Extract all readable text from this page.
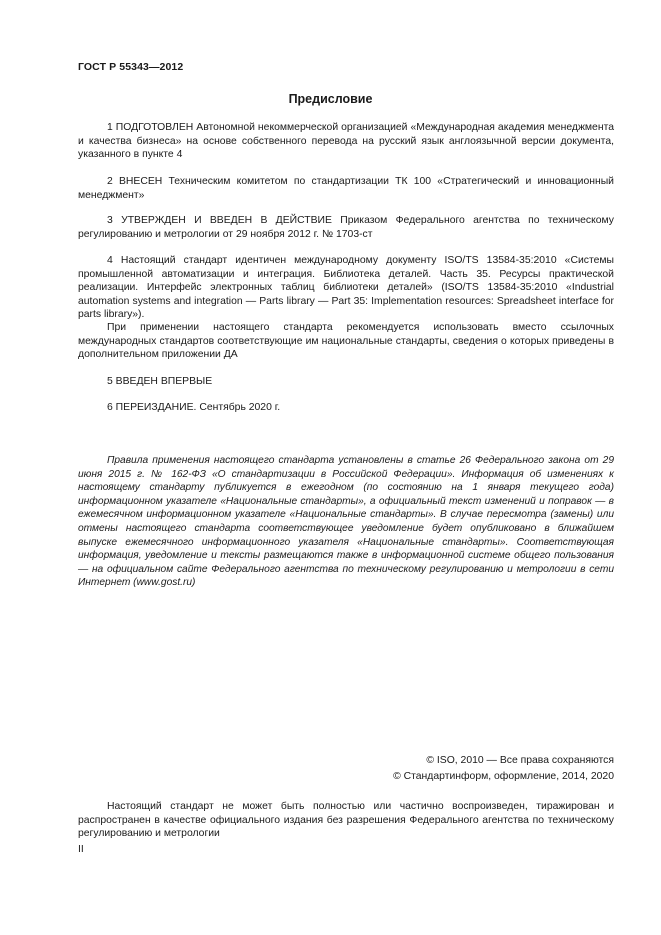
ГОСТ Р 55343—2012
Предисловие
1 ПОДГОТОВЛЕН Автономной некоммерческой организацией «Международная академия менеджмента и качества бизнеса» на основе собственного перевода на русский язык англоязычной версии документа, указанного в пункте 4
2 ВНЕСЕН Техническим комитетом по стандартизации ТК 100 «Стратегический и инновационный менеджмент»
3 УТВЕРЖДЕН И ВВЕДЕН В ДЕЙСТВИЕ Приказом Федерального агентства по техническому регулированию и метрологии от 29 ноября 2012 г. № 1703-ст
4 Настоящий стандарт идентичен международному документу ISO/TS 13584-35:2010 «Системы промышленной автоматизации и интеграция. Библиотека деталей. Часть 35. Ресурсы практической реализации. Интерфейс электронных таблиц библиотеки деталей» (ISO/TS 13584-35:2010 «Industrial automation systems and integration — Parts library — Part 35: Implementation resources: Spreadsheet interface for parts library»).
При применении настоящего стандарта рекомендуется использовать вместо ссылочных международных стандартов соответствующие им национальные стандарты, сведения о которых приведены в дополнительном приложении ДА
5 ВВЕДЕН ВПЕРВЫЕ
6 ПЕРЕИЗДАНИЕ. Сентябрь 2020 г.
Правила применения настоящего стандарта установлены в статье 26 Федерального закона от 29 июня 2015 г. № 162-ФЗ «О стандартизации в Российской Федерации». Информация об изменениях к настоящему стандарту публикуется в ежегодном (по состоянию на 1 января текущего года) информационном указателе «Национальные стандарты», а официальный текст изменений и поправок — в ежемесячном информационном указателе «Национальные стандарты». В случае пересмотра (замены) или отмены настоящего стандарта соответствующее уведомление будет опубликовано в ближайшем выпуске ежемесячного информационного указателя «Национальные стандарты». Соответствующая информация, уведомление и тексты размещаются также в информационной системе общего пользования — на официальном сайте Федерального агентства по техническому регулированию и метрологии в сети Интернет (www.gost.ru)
© ISO, 2010 — Все права сохраняются
© Стандартинформ, оформление, 2014, 2020
Настоящий стандарт не может быть полностью или частично воспроизведен, тиражирован и распространен в качестве официального издания без разрешения Федерального агентства по техническому регулированию и метрологии
II
